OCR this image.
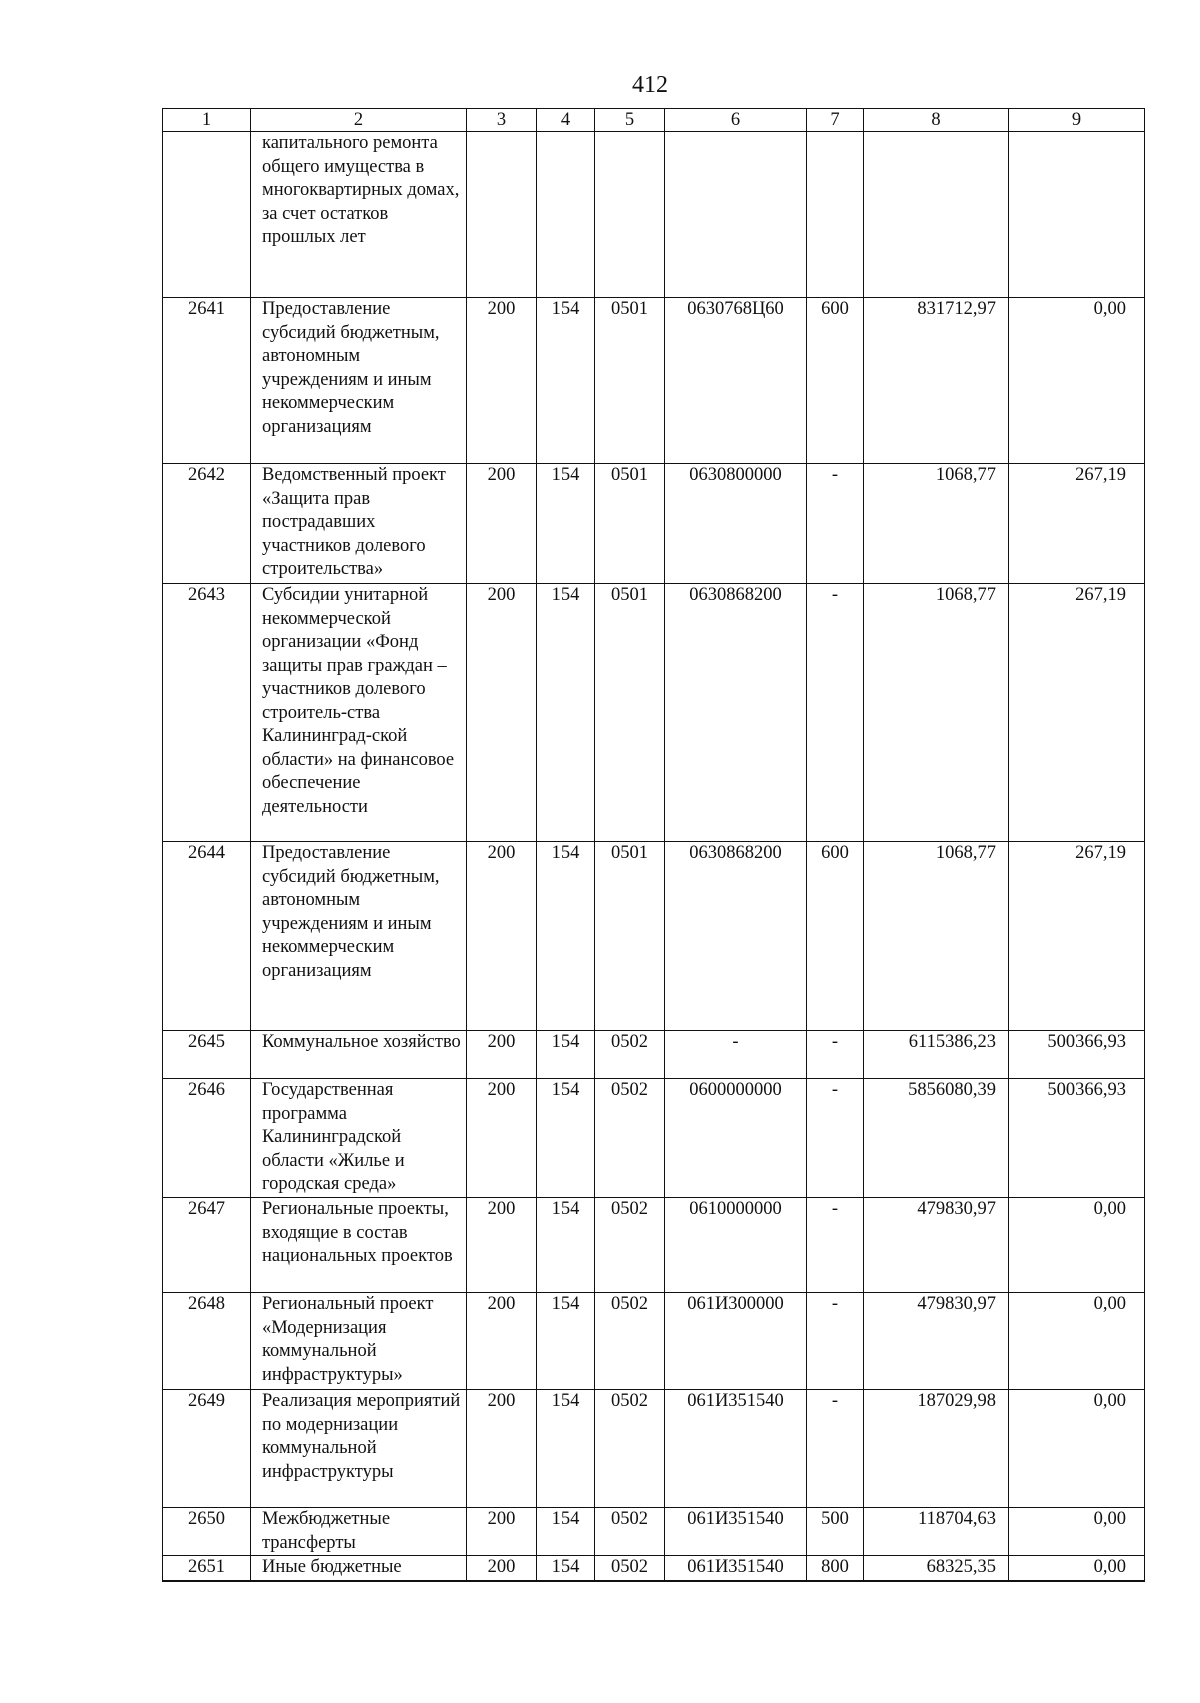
412
1	2	3	4	5	6	7	8	9
	капитального ремонта общего имущества в многоквартирных домах, за счет остатков прошлых лет							
2641	Предоставление субсидий бюджетным, автономным учреждениям и иным некоммерческим организациям	200	154	0501	0630768Ц60	600	831712,97	0,00
2642	Ведомственный проект «Защита прав пострадавших участников долевого строительства»	200	154	0501	0630800000	-	1068,77	267,19
2643	Субсидии унитарной некоммерческой организации «Фонд защиты прав граждан – участников долевого строитель-ства Калининград-ской области» на финансовое обеспечение деятельности	200	154	0501	0630868200	-	1068,77	267,19
2644	Предоставление субсидий бюджетным, автономным учреждениям и иным некоммерческим организациям	200	154	0501	0630868200	600	1068,77	267,19
2645	Коммунальное хозяйство	200	154	0502	-	-	6115386,23	500366,93
2646	Государственная программа Калининградской области «Жилье и городская среда»	200	154	0502	0600000000	-	5856080,39	500366,93
2647	Региональные проекты, входящие в состав национальных проектов	200	154	0502	0610000000	-	479830,97	0,00
2648	Региональный проект «Модернизация коммунальной инфраструктуры»	200	154	0502	061И300000	-	479830,97	0,00
2649	Реализация мероприятий по модернизации коммунальной инфраструктуры	200	154	0502	061И351540	-	187029,98	0,00
2650	Межбюджетные трансферты	200	154	0502	061И351540	500	118704,63	0,00
2651	Иные бюджетные	200	154	0502	061И351540	800	68325,35	0,00
